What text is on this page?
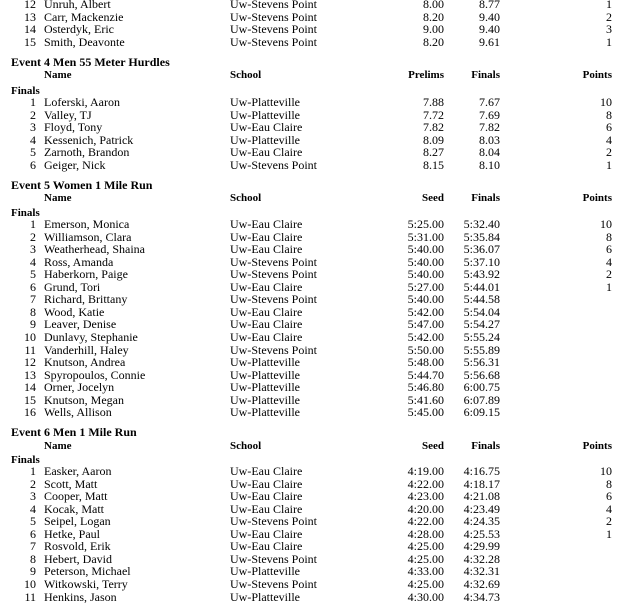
12 Unruh, Albert	Uw-Stevens Point	8.00	8.77	1
13 Carr, Mackenzie	Uw-Stevens Point	8.20	9.40	2
14 Osterdyk, Eric	Uw-Stevens Point	9.00	9.40	3
15 Smith, Deavonte	Uw-Stevens Point	8.20	9.61	1
Event 4 Men 55 Meter Hurdles
Name	School	Prelims	Finals	Points
Finals
1 Loferski, Aaron	Uw-Platteville	7.88	7.67	10
2 Valley, TJ	Uw-Platteville	7.72	7.69	8
3 Floyd, Tony	Uw-Eau Claire	7.82	7.82	6
4 Kessenich, Patrick	Uw-Platteville	8.09	8.03	4
5 Zarnoth, Brandon	Uw-Eau Claire	8.27	8.04	2
6 Geiger, Nick	Uw-Stevens Point	8.15	8.10	1
Event 5 Women 1 Mile Run
Name	School	Seed	Finals	Points
Finals
1 Emerson, Monica	Uw-Eau Claire	5:25.00	5:32.40	10
2 Williamson, Clara	Uw-Eau Claire	5:31.00	5:35.84	8
3 Weatherhead, Shaina	Uw-Eau Claire	5:40.00	5:36.07	6
4 Ross, Amanda	Uw-Stevens Point	5:40.00	5:37.10	4
5 Haberkorn, Paige	Uw-Stevens Point	5:40.00	5:43.92	2
6 Grund, Tori	Uw-Eau Claire	5:27.00	5:44.01	1
7 Richard, Brittany	Uw-Stevens Point	5:40.00	5:44.58
8 Wood, Katie	Uw-Eau Claire	5:42.00	5:54.04
9 Leaver, Denise	Uw-Eau Claire	5:47.00	5:54.27
10 Dunlavy, Stephanie	Uw-Eau Claire	5:42.00	5:55.24
11 Vanderhill, Haley	Uw-Stevens Point	5:50.00	5:55.89
12 Knutson, Andrea	Uw-Platteville	5:48.00	5:56.31
13 Spyropoulos, Connie	Uw-Platteville	5:44.70	5:56.68
14 Orner, Jocelyn	Uw-Platteville	5:46.80	6:00.75
15 Knutson, Megan	Uw-Platteville	5:41.60	6:07.89
16 Wells, Allison	Uw-Platteville	5:45.00	6:09.15
Event 6 Men 1 Mile Run
Name	School	Seed	Finals	Points
Finals
1 Easker, Aaron	Uw-Eau Claire	4:19.00	4:16.75	10
2 Scott, Matt	Uw-Eau Claire	4:22.00	4:18.17	8
3 Cooper, Matt	Uw-Eau Claire	4:23.00	4:21.08	6
4 Kocak, Matt	Uw-Eau Claire	4:20.00	4:23.49	4
5 Seipel, Logan	Uw-Stevens Point	4:22.00	4:24.35	2
6 Hetke, Paul	Uw-Eau Claire	4:28.00	4:25.53	1
7 Rosvold, Erik	Uw-Eau Claire	4:25.00	4:29.99
8 Hebert, David	Uw-Stevens Point	4:25.00	4:32.28
9 Peterson, Michael	Uw-Platteville	4:33.00	4:32.31
10 Witkowski, Terry	Uw-Stevens Point	4:25.00	4:32.69
11 Henkins, Jason	Uw-Platteville	4:30.00	4:34.73
